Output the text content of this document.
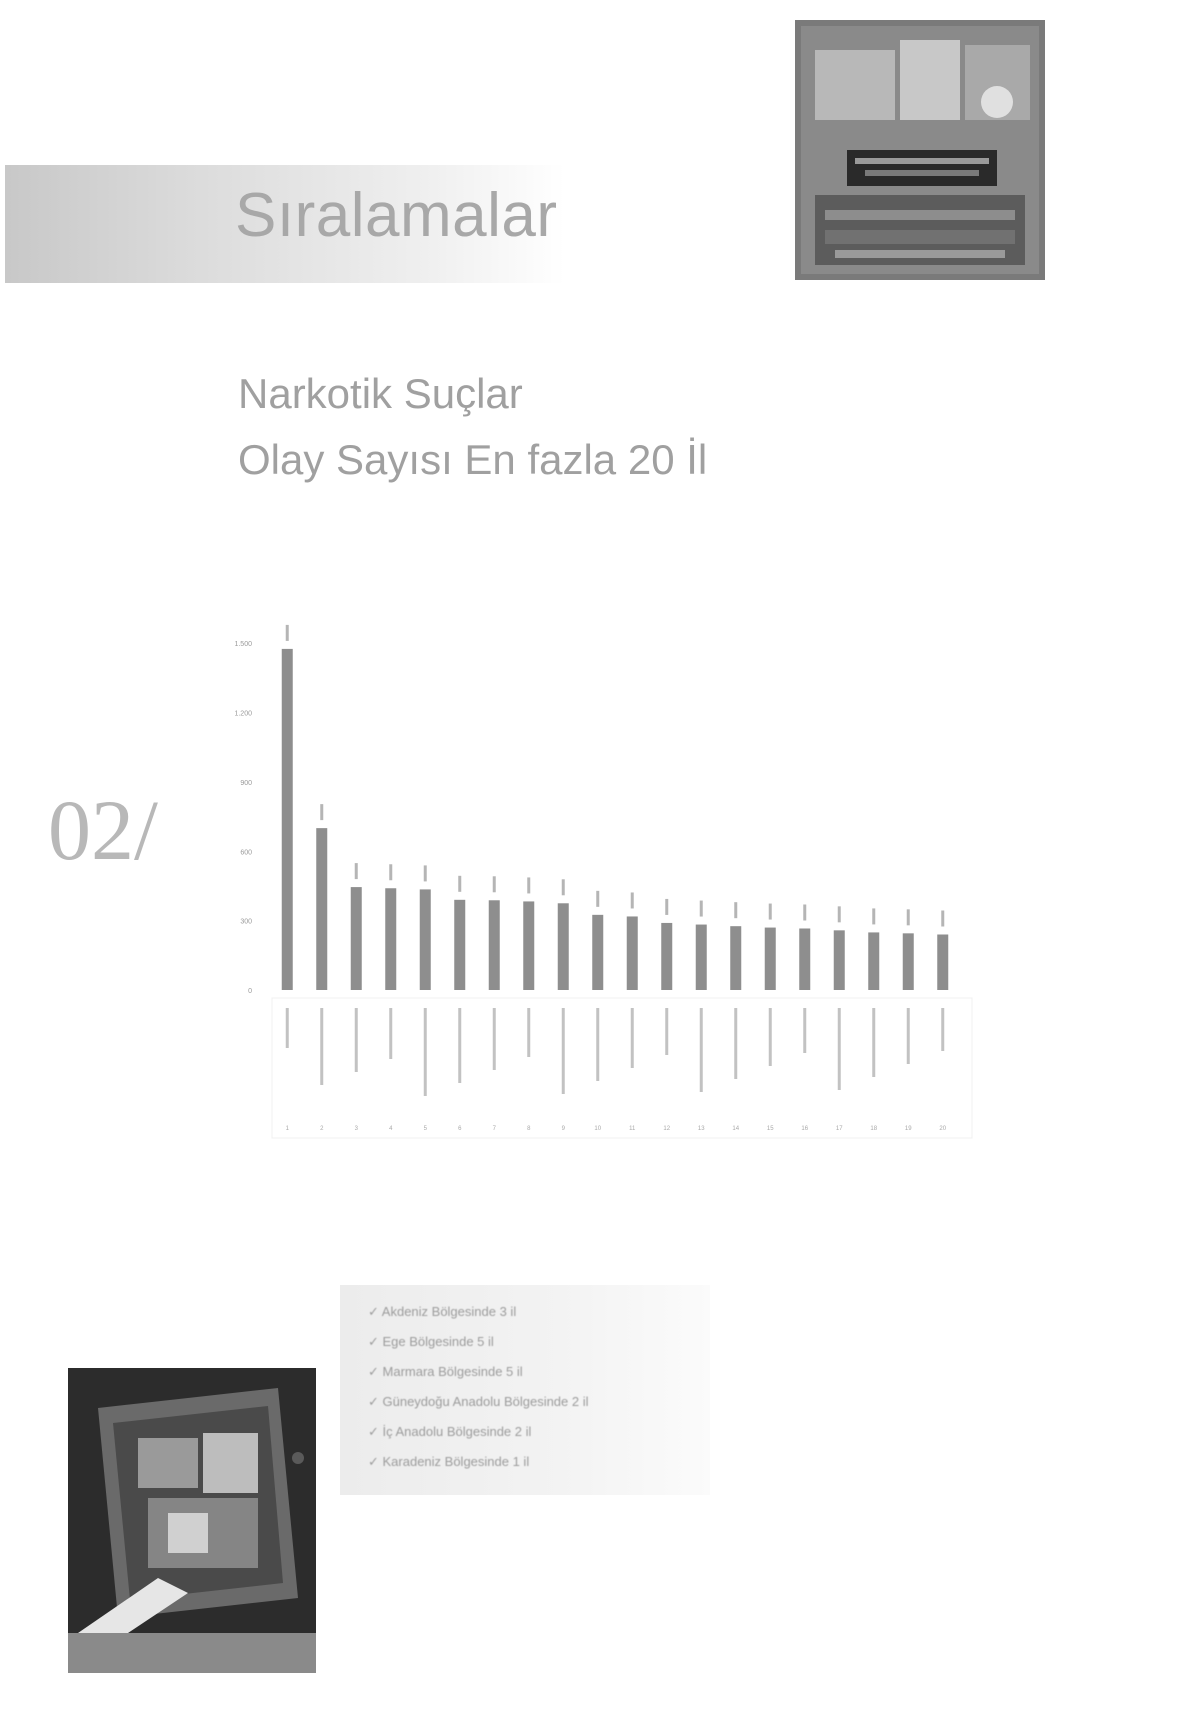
Sıralamalar
Narkotik Suçlar
Olay Sayısı En fazla 20 İl
02/
0
300
600
900
1.200
1.500
1	2	3	4	5	6	7	8	9	10	11	12	13	14	15	16	17	18	19	20
✓ Akdeniz Bölgesinde 3 il
✓ Ege Bölgesinde 5 il
✓ Marmara Bölgesinde 5 il
✓ Güneydoğu Anadolu Bölgesinde 2 il
✓ İç Anadolu Bölgesinde 2 il
✓ Karadeniz Bölgesinde 1 il
